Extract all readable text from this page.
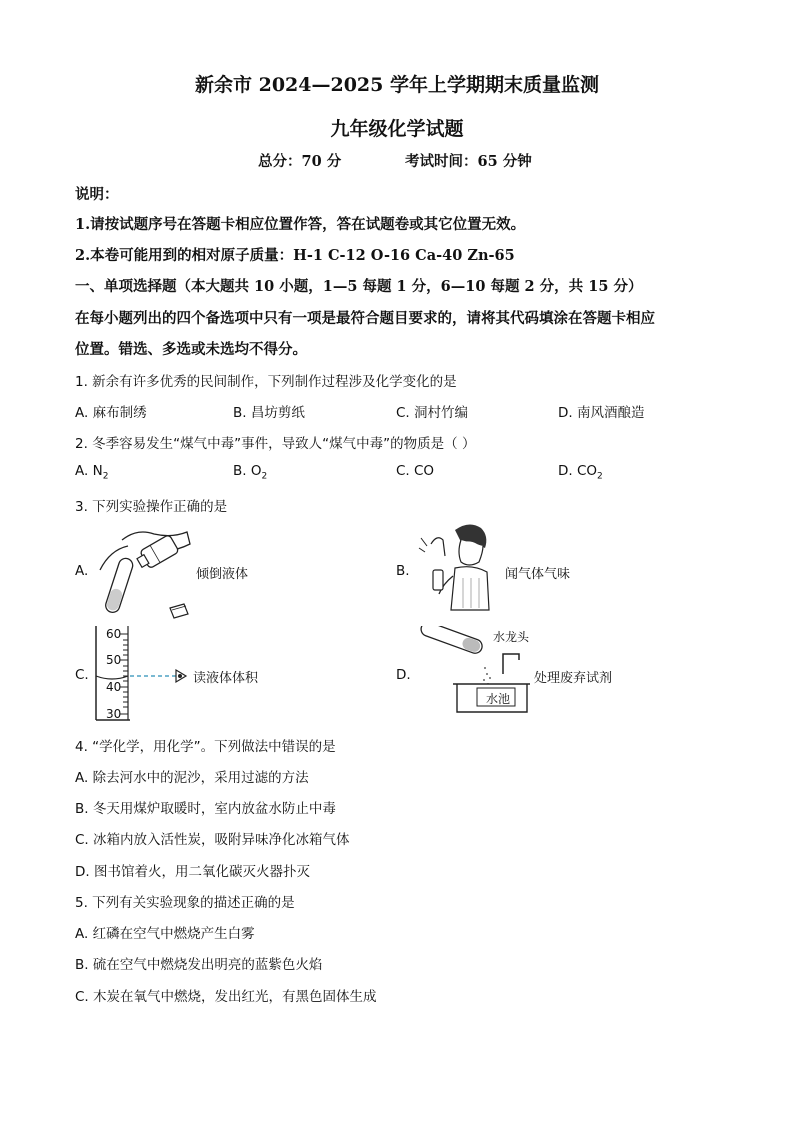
新余市 2024—2025 学年上学期期末质量监测
九年级化学试题
总分：70 分	考试时间：65 分钟
说明：
1.请按试题序号在答题卡相应位置作答，答在试题卷或其它位置无效。
2.本卷可能用到的相对原子质量：H-1 C-12 O-16 Ca-40 Zn-65
一、单项选择题（本大题共 10 小题，1—5 每题 1 分，6—10 每题 2 分，共 15 分）
在每小题列出的四个备选项中只有一项是最符合题目要求的，请将其代码填涂在答题卡相应
位置。错选、多选或未选均不得分。
1. 新余有许多优秀的民间制作，下列制作过程涉及化学变化的是
A. 麻布制绣	B. 昌坊剪纸	C. 洞村竹编	D. 南风酒酿造
2. 冬季容易发生“煤气中毒”事件，导致人“煤气中毒”的物质是（ ）
A. $N_2$	B. $O_2$	C. CO	D. $CO_2$
3. 下列实验操作正确的是
A.	倾倒液体	B.	闻气体气味
C.
60
50
40
30
读液体体积	D.
水龙头
水池
处理废弃试剂
4. “学化学，用化学”。下列做法中错误的是
A. 除去河水中的泥沙，采用过滤的方法
B. 冬天用煤炉取暖时，室内放盆水防止中毒
C. 冰箱内放入活性炭，吸附异味净化冰箱气体
D. 图书馆着火，用二氧化碳灭火器扑灭
5. 下列有关实验现象的描述正确的是
A. 红磷在空气中燃烧产生白雾
B. 硫在空气中燃烧发出明亮的蓝紫色火焰
C. 木炭在氧气中燃烧，发出红光，有黑色固体生成
